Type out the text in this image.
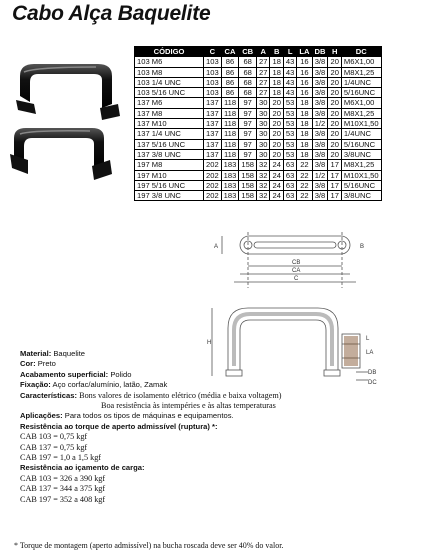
Cabo Alça Baquelite
CÓDIGO	C	CA	CB	A	B	L	LA	DB	H	DC
103 M6	103	86	68	27	18	43	16	3/8	20	M6X1,00
103 M8	103	86	68	27	18	43	16	3/8	20	M8X1,25
103 1/4 UNC	103	86	68	27	18	43	16	3/8	20	1/4UNC
103 5/16 UNC	103	86	68	27	18	43	16	3/8	20	5/16UNC
137 M6	137	118	97	30	20	53	18	3/8	20	M6X1,00
137 M8	137	118	97	30	20	53	18	3/8	20	M8X1,25
137 M10	137	118	97	30	20	53	18	1/2	20	M10X1,50
137 1/4 UNC	137	118	97	30	20	53	18	3/8	20	1/4UNC
137 5/16 UNC	137	118	97	30	20	53	18	3/8	20	5/16UNC
137 3/8 UNC	137	118	97	30	20	53	18	3/8	20	3/8UNC
197 M8	202	183	158	32	24	63	22	3/8	17	M8X1,25
197 M10	202	183	158	32	24	63	22	1/2	17	M10X1,50
197 5/16 UNC	202	183	158	32	24	63	22	3/8	17	5/16UNC
197 3/8 UNC	202	183	158	32	24	63	22	3/8	17	3/8UNC
A	B
CB
CA
C
H
L
LA
DB
DC
Material: Baquelite
Cor: Preto
Acabamento superficial: Polido
Fixação: Aço corfac/alumínio, latão, Zamak
Características: Bons valores de isolamento elétrico (média e baixa voltagem)
Boa resistência às intempéries e às altas temperaturas
Aplicações: Para todos os tipos de máquinas e equipamentos.
Resistência ao torque de aperto admissível (ruptura) *:
CAB 103 = 0,75 kgf
CAB 137 = 0,75 kgf
CAB 197 = 1,0 a 1,5 kgf
Resistência ao içamento de carga:
CAB 103 = 326 a 390 kgf
CAB 137 = 344 a 375 kgf
CAB 197 = 352 a 408 kgf
* Torque de montagem (aperto admissível) na bucha roscada deve ser 40% do valor.
